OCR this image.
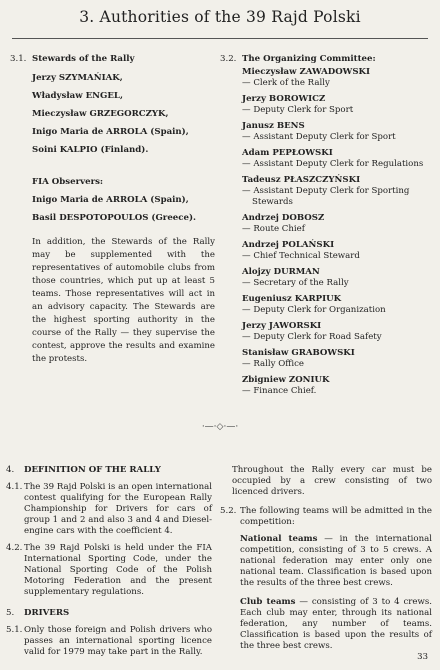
3. Authorities of the 39 Rajd Polski
3.1. Stewards of the Rally
Jerzy SZYMAŃIAK,
Władysław ENGEL,
Mieczysław GRZEGORCZYK,
Inigo Maria de ARROLA (Spain),
Soini KALPIO (Finland).
FIA Observers:
Inigo Maria de ARROLA (Spain),
Basil DESPOTOPOULOS (Greece).
In addition, the Stewards of the Rally may be supplemented with the representatives of automobile clubs from those countries, which put up at least 5 teams. Those representatives will act in an advisory capacity. The Stewards are the highest sporting authority in the course of the Rally — they supervise the contest, approve the results and examine the protests.
3.2. The Organizing Committee:
Mieczysław ZAWADOWSKI
— Clerk of the Rally
Jerzy BOROWICZ
— Deputy Clerk for Sport
Janusz BENS
— Assistant Deputy Clerk for Sport
Adam PEPŁOWSKI
— Assistant Deputy Clerk for Regulations
Tadeusz PŁASZCZYŃSKI
— Assistant Deputy Clerk for Sporting Stewards
Andrzej DOBOSZ
— Route Chief
Andrzej POLAŃSKI
— Chief Technical Steward
Alojzy DURMAN
— Secretary of the Rally
Eugeniusz KARPIUK
— Deputy Clerk for Organization
Jerzy JAWORSKI
— Deputy Clerk for Road Safety
Stanisław GRABOWSKI
— Rally Office
Zbigniew ZONIUK
— Finance Chief.
·—·◇·—·
4.	DEFINITION OF THE RALLY
4.1. The 39 Rajd Polski is an open international contest qualifying for the European Rally Championship for Drivers for cars of group 1 and 2 and also 3 and 4 and Diesel-engine cars with the coefficient 4.
4.2. The 39 Rajd Polski is held under the FIA International Sporting Code, under the National Sporting Code of the Polish Motoring Federation and the present supplementary regulations.
5.	DRIVERS
5.1. Only those foreign and Polish drivers who passes an international sporting licence valid for 1979 may take part in the Rally.
Throughout the Rally every car must be occupied by a crew consisting of two licenced drivers.
5.2. The following teams will be admitted in the competition:
National teams — in the international competition, consisting of 3 to 5 crews. A national federation may enter only one national team. Classification is based upon the results of the three best crews.
Club teams — consisting of 3 to 4 crews. Each club may enter, through its national federation, any number of teams. Classification is based upon the results of the three best crews.
33
